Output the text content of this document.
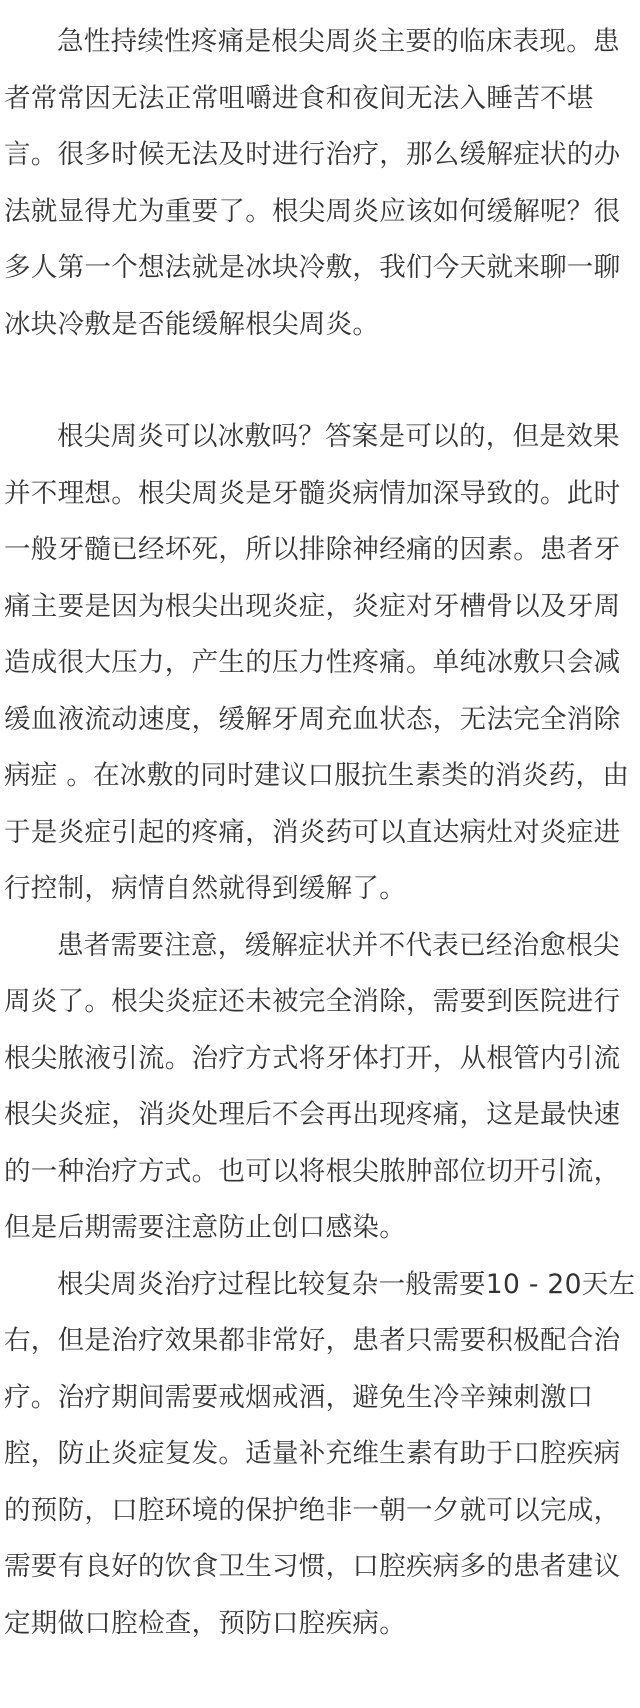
急性持续性疼痛是根尖周炎主要的临床表现。患者常常因无法正常咀嚼进食和夜间无法入睡苦不堪言。很多时候无法及时进行治疗，那么缓解症状的办法就显得尤为重要了。根尖周炎应该如何缓解呢？很多人第一个想法就是冰块冷敷，我们今天就来聊一聊冰块冷敷是否能缓解根尖周炎。

根尖周炎可以冰敷吗？答案是可以的，但是效果并不理想。根尖周炎是牙髓炎病情加深导致的。此时一般牙髓已经坏死，所以排除神经痛的因素。患者牙痛主要是因为根尖出现炎症，炎症对牙槽骨以及牙周造成很大压力，产生的压力性疼痛。单纯冰敷只会减缓血液流动速度，缓解牙周充血状态，无法完全消除病症 。在冰敷的同时建议口服抗生素类的消炎药，由于是炎症引起的疼痛，消炎药可以直达病灶对炎症进行控制，病情自然就得到缓解了。

患者需要注意，缓解症状并不代表已经治愈根尖周炎了。根尖炎症还未被完全消除，需要到医院进行根尖脓液引流。治疗方式将牙体打开，从根管内引流根尖炎症，消炎处理后不会再出现疼痛，这是最快速的一种治疗方式。也可以将根尖脓肿部位切开引流，但是后期需要注意防止创口感染。

根尖周炎治疗过程比较复杂一般需要10 - 20天左右，但是治疗效果都非常好，患者只需要积极配合治疗。治疗期间需要戒烟戒酒，避免生冷辛辣刺激口腔，防止炎症复发。适量补充维生素有助于口腔疾病的预防，口腔环境的保护绝非一朝一夕就可以完成，需要有良好的饮食卫生习惯，口腔疾病多的患者建议定期做口腔检查，预防口腔疾病。
